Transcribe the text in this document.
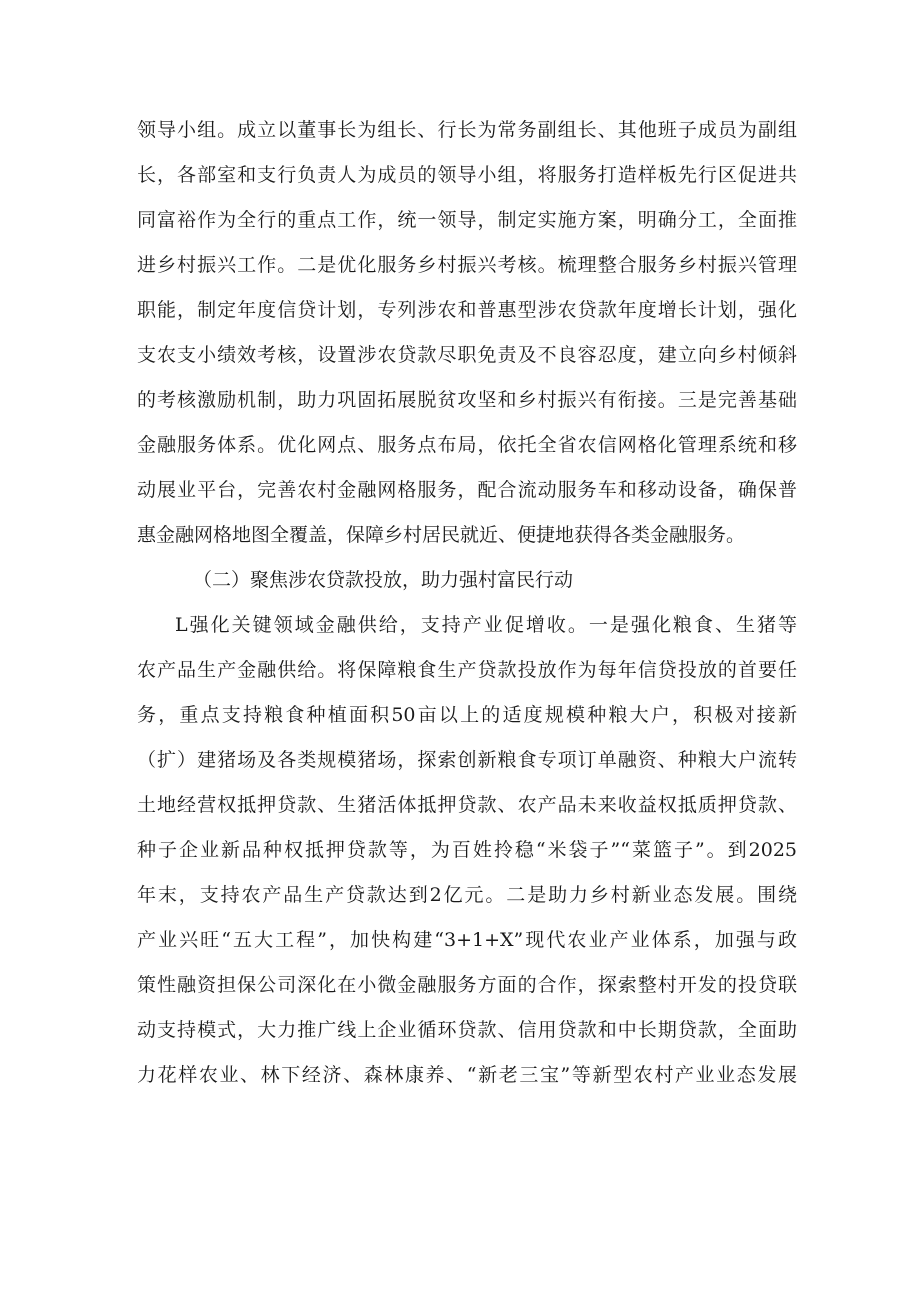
领导小组。成立以董事长为组长、行长为常务副组长、其他班子成员为副组
长，各部室和支行负责人为成员的领导小组，将服务打造样板先行区促进共
同富裕作为全行的重点工作，统一领导，制定实施方案，明确分工，全面推
进乡村振兴工作。二是优化服务乡村振兴考核。梳理整合服务乡村振兴管理
职能，制定年度信贷计划，专列涉农和普惠型涉农贷款年度增长计划，强化
支农支小绩效考核，设置涉农贷款尽职免责及不良容忍度，建立向乡村倾斜
的考核激励机制，助力巩固拓展脱贫攻坚和乡村振兴有衔接。三是完善基础
金融服务体系。优化网点、服务点布局，依托全省农信网格化管理系统和移
动展业平台，完善农村金融网格服务，配合流动服务车和移动设备，确保普
惠金融网格地图全覆盖，保障乡村居民就近、便捷地获得各类金融服务。
（二）聚焦涉农贷款投放，助力强村富民行动
L强化关键领域金融供给，支持产业促增收。一是强化粮食、生猪等
农产品生产金融供给。将保障粮食生产贷款投放作为每年信贷投放的首要任
务，重点支持粮食种植面积50亩以上的适度规模种粮大户，积极对接新
（扩）建猪场及各类规模猪场，探索创新粮食专项订单融资、种粮大户流转
土地经营权抵押贷款、生猪活体抵押贷款、农产品未来收益权抵质押贷款、
种子企业新品种权抵押贷款等，为百姓拎稳“米袋子”“菜篮子”。到2025
年末，支持农产品生产贷款达到2亿元。二是助力乡村新业态发展。围绕
产业兴旺“五大工程”，加快构建“3+1+X”现代农业产业体系，加强与政
策性融资担保公司深化在小微金融服务方面的合作，探索整村开发的投贷联
动支持模式，大力推广线上企业循环贷款、信用贷款和中长期贷款，全面助
力花样农业、林下经济、森林康养、“新老三宝”等新型农村产业业态发展
